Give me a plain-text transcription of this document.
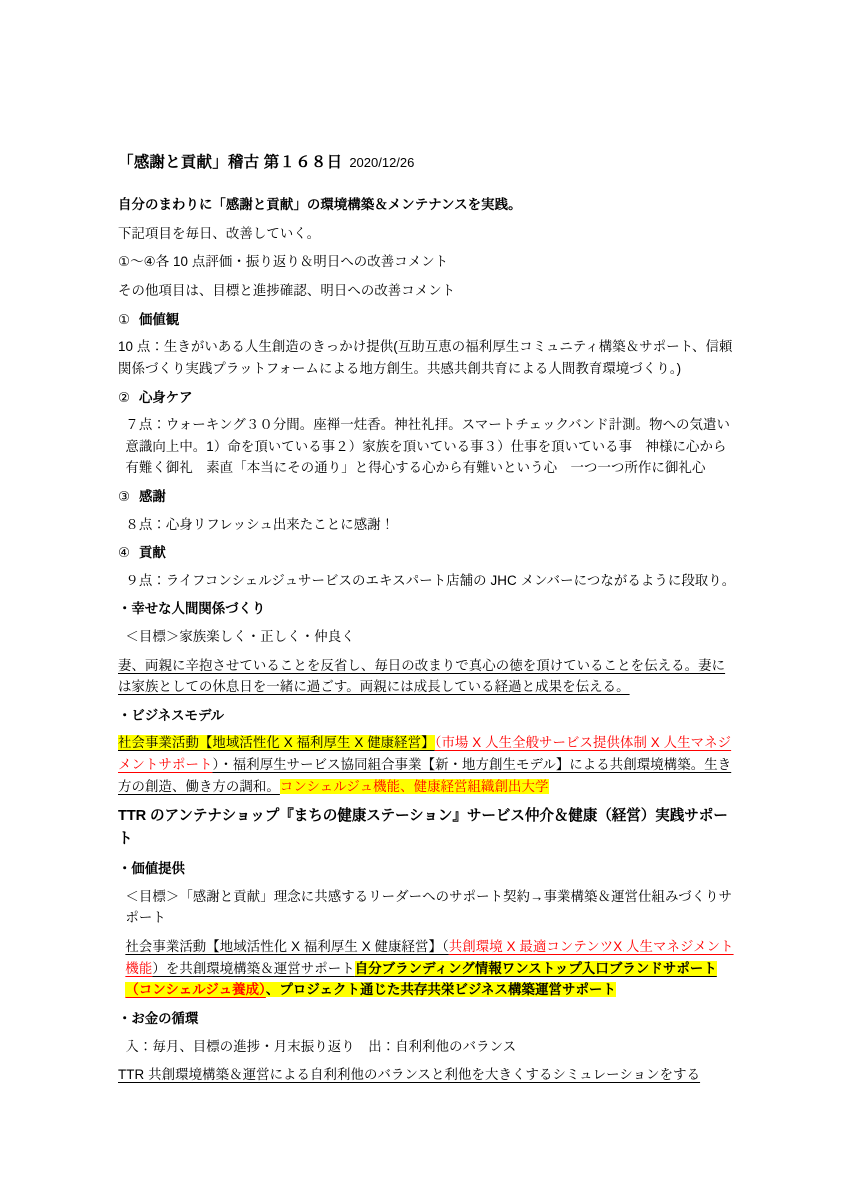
「感謝と貢献」稽古 第１６８日 2020/12/26

自分のまわりに「感謝と貢献」の環境構築＆メンテナンスを実践。

下記項目を毎日、改善していく。

①～④各 10 点評価・振り返り＆明日への改善コメント

その他項目は、目標と進捗確認、明日への改善コメント

① 価値観

10 点：生きがいある人生創造のきっかけ提供(互助互恵の福利厚生コミュニティ構築＆サポート、信頼関係づくり実践プラットフォームによる地方創生。共感共創共育による人間教育環境づくり。)

② 心身ケア

７点：ウォーキング３０分間。座禅一炷香。神社礼拝。スマートチェックバンド計測。物への気遣い意識向上中。1）命を頂いている事２）家族を頂いている事３）仕事を頂いている事　神様に心から有難く御礼　素直「本当にその通り」と得心する心から有難いという心　一つ一つ所作に御礼心

③ 感謝

８点：心身リフレッシュ出来たことに感謝！

④ 貢献

９点：ライフコンシェルジュサービスのエキスパート店舗の JHC メンバーにつながるように段取り。

・幸せな人間関係づくり

＜目標＞家族楽しく・正しく・仲良く

妻、両親に辛抱させていることを反省し、毎日の改まりで真心の徳を頂けていることを伝える。妻には家族としての休息日を一緒に過ごす。両親には成長している経過と成果を伝える。

・ビジネスモデル

社会事業活動【地域活性化 X 福利厚生 X 健康経営】（市場 X 人生全般サービス提供体制 X 人生マネジメントサポート）・福利厚生サービス協同組合事業【新・地方創生モデル】による共創環境構築。生き方の創造、働き方の調和。コンシェルジュ機能、健康経営組織創出大学

TTR のアンテナショップ『まちの健康ステーション』サービス仲介＆健康（経営）実践サポート

・価値提供

＜目標＞「感謝と貢献」理念に共感するリーダーへのサポート契約→事業構築＆運営仕組みづくりサポート

社会事業活動【地域活性化 X 福利厚生 X 健康経営】（共創環境 X 最適コンテンツX 人生マネジメント機能）を共創環境構築＆運営サポート自分ブランディング情報ワンストップ入口ブランドサポート（コンシェルジュ養成）、プロジェクト通じた共存共栄ビジネス構築運営サポート

・お金の循環

入：毎月、目標の進捗・月末振り返り　出：自利利他のバランス

TTR 共創環境構築＆運営による自利利他のバランスと利他を大きくするシミュレーションをする
